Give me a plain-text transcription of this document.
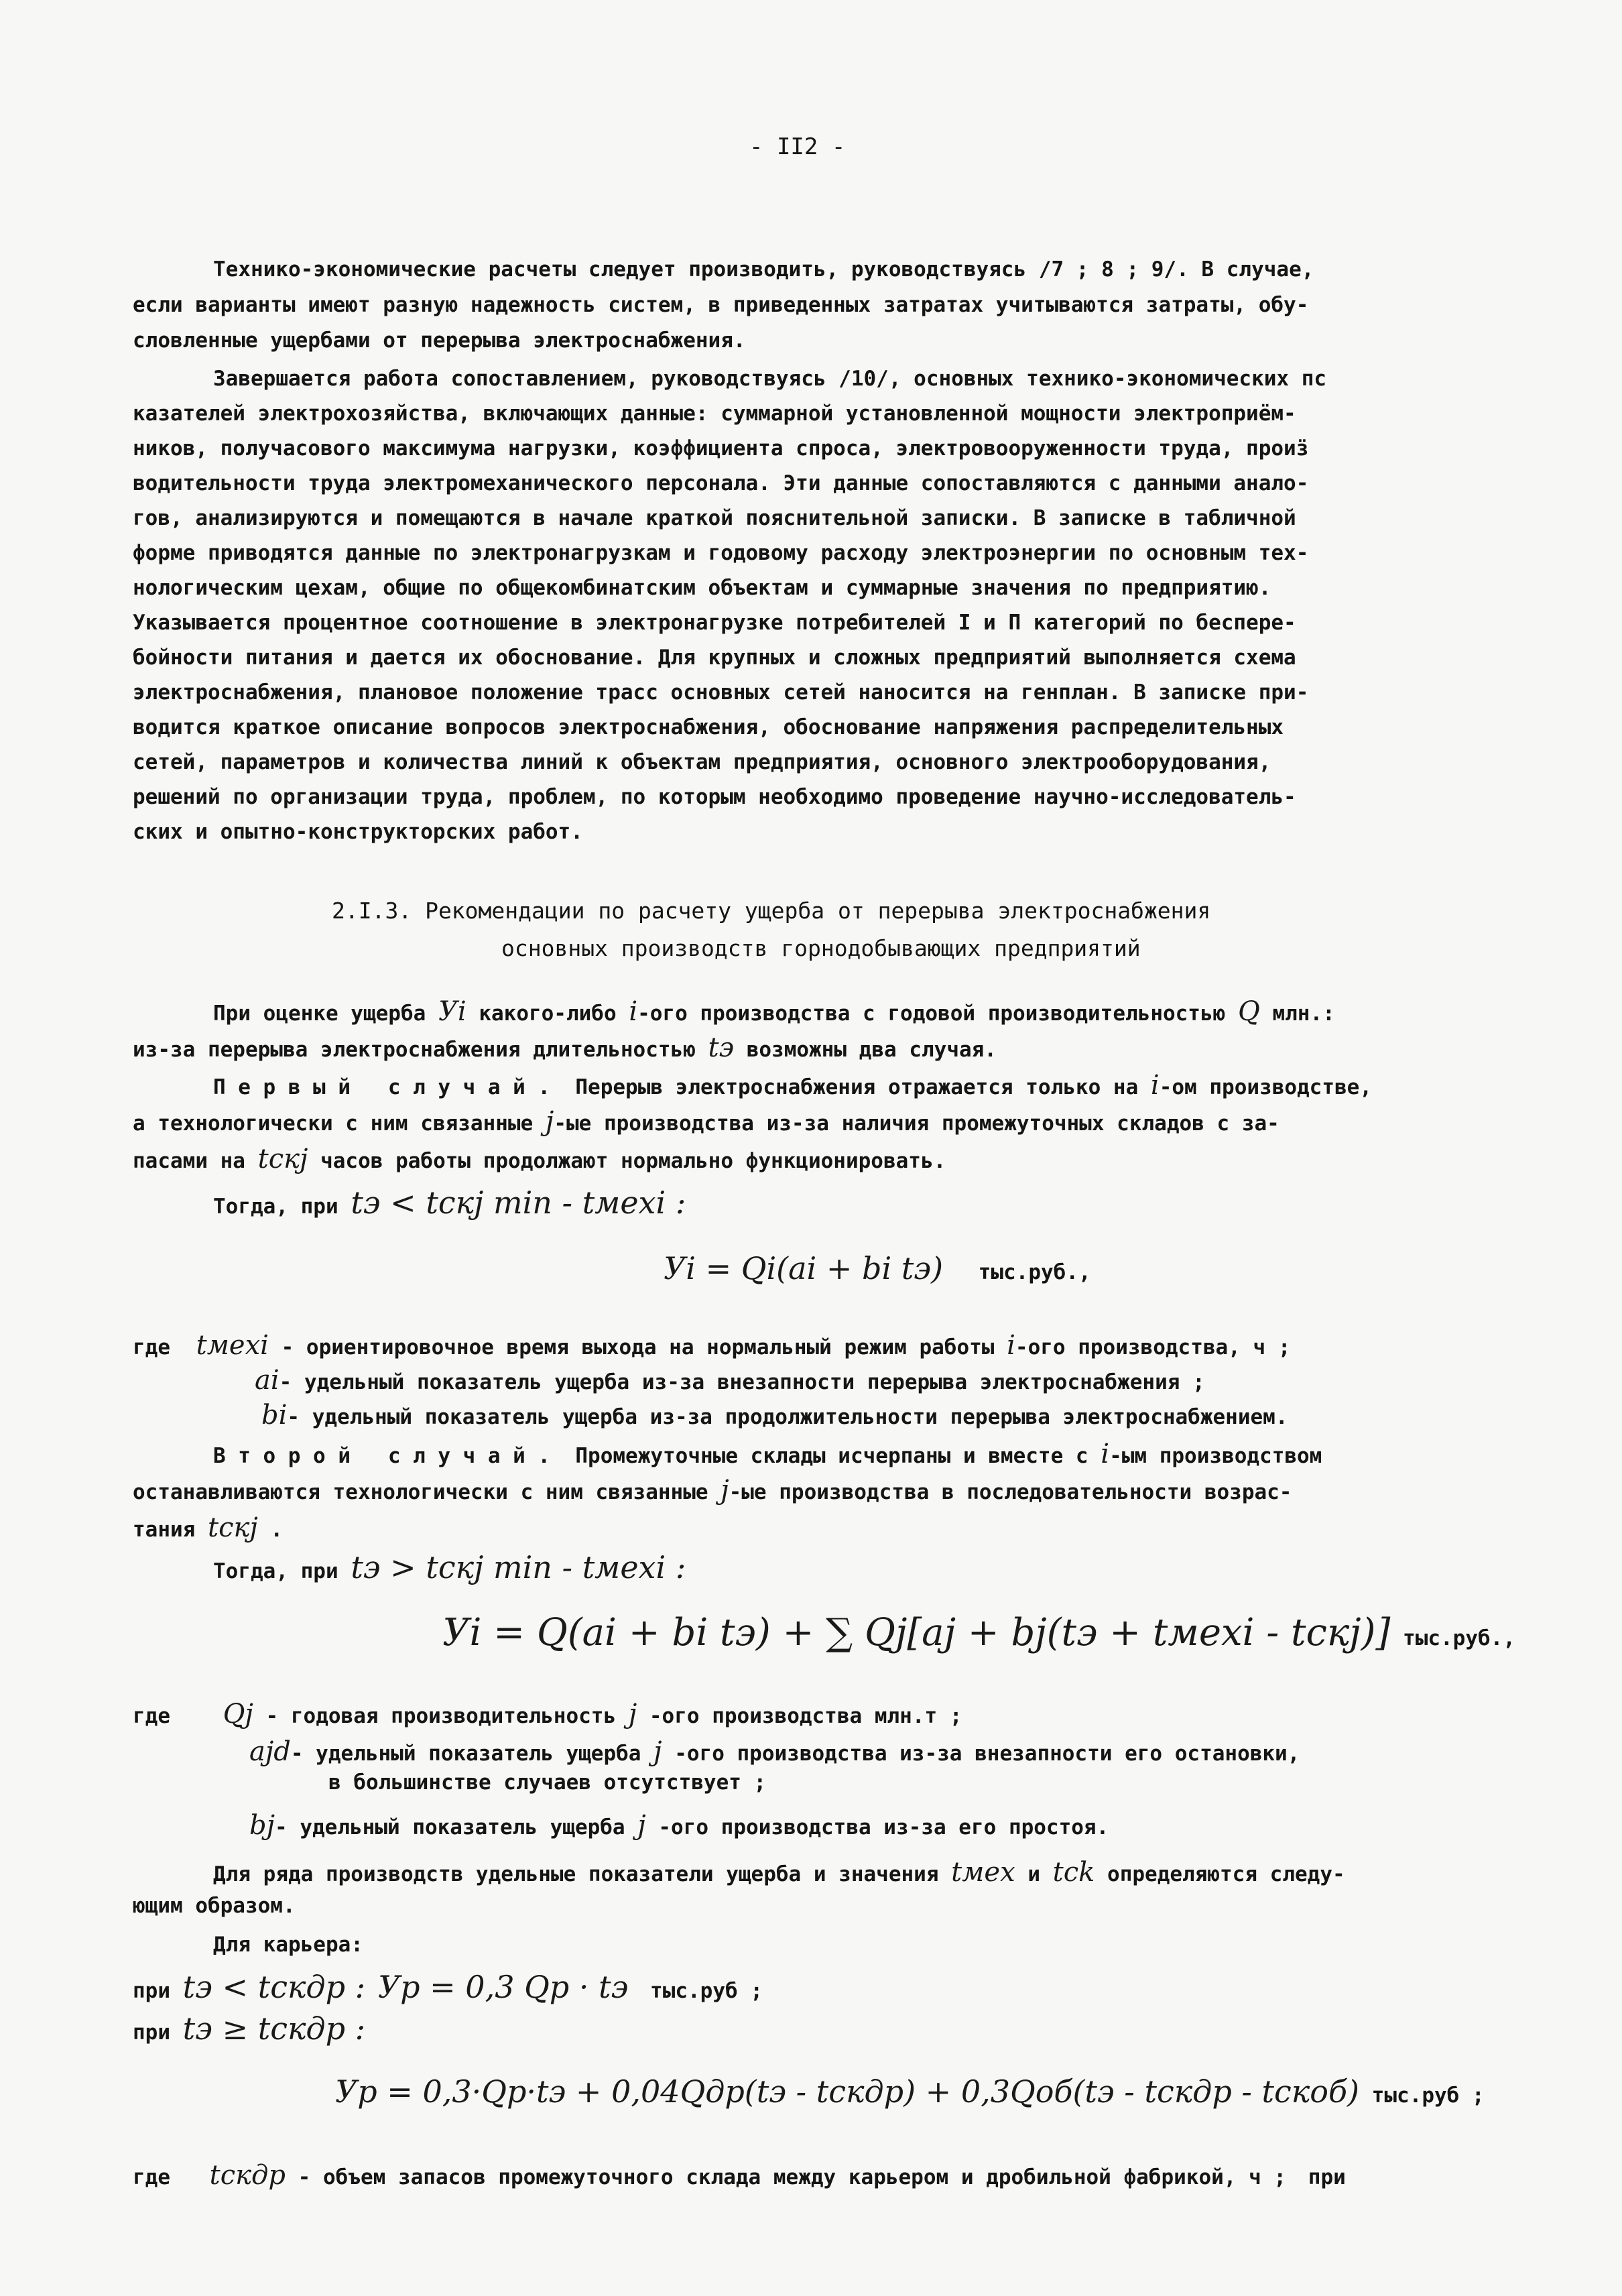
- II2 -
Технико-экономические расчеты следует производить, руководствуясь /7 ; 8 ; 9/. В случае,
если варианты имеют разную надежность систем, в приведенных затратах учитываются затраты, обу-
словленные ущербами от перерыва электроснабжения.
Завершается работа сопоставлением, руководствуясь /10/, основных технико-экономических пс
казателей электрохозяйства, включающих данные: суммарной установленной мощности электроприём-
ников, получасового максимума нагрузки, коэффициента спроса, электровооруженности труда, проиӟ
водительности труда электромеханического персонала. Эти данные сопоставляются с данными анало-
гов, анализируются и помещаются в начале краткой пояснительной записки. В записке в табличной
форме приводятся данные по электронагрузкам и годовому расходу электроэнергии по основным тех-
нологическим цехам, общие по общекомбинатским объектам и суммарные значения по предприятию.
Указывается процентное соотношение в электронагрузке потребителей I и П категорий по беспере-
бойности питания и дается их обоснование. Для крупных и сложных предприятий выполняется схема
электроснабжения, плановое положение трасс основных сетей наносится на генплан. В записке при-
водится краткое описание вопросов электроснабжения, обоснование напряжения распределительных
сетей, параметров и количества линий к объектам предприятия, основного электрооборудования,
решений по организации труда, проблем, по которым необходимо проведение научно-исследователь-
ских и опытно-конструкторских работ.
2.I.3. Рекомендации по расчету ущерба от перерыва электроснабжения
основных производств горнодобывающих предприятий
При оценке ущерба Уi какого-либо i-ого производства с годовой производительностью Q млн.:
из-за перерыва электроснабжения длительностью tэ возможны два случая.
Первый случай. Перерыв электроснабжения отражается только на i-ом производстве,
а технологически с ним связанные j-ые производства из-за наличия промежуточных складов с за-
пасами на tскj часов работы продолжают нормально функционировать.
Тогда, при tэ < tскj min - tмехi :
Уi = Qi(ai + bi tэ) тыс.руб.,
где tмехi - ориентировочное время выхода на нормальный режим работы i-ого производства, ч ;
ai- удельный показатель ущерба из-за внезапности перерыва электроснабжения ;
bi- удельный показатель ущерба из-за продолжительности перерыва электроснабжением.
Второй случай. Промежуточные склады исчерпаны и вместе с i-ым производством
останавливаются технологически с ним связанные j-ые производства в последовательности возрас-
тания tскj .
Тогда, при tэ > tскj min - tмехi :
Уi = Q(ai + bi tэ) + ∑ Qj[aj + bj(tэ + tмехi - tскj)] тыс.руб.,
где Qj - годовая производительность j -ого производства млн.т ;
ajd- удельный показатель ущерба j -ого производства из-за внезапности его остановки,
в большинстве случаев отсутствует ;
bj- удельный показатель ущерба j -ого производства из-за его простоя.
Для ряда производств удельные показатели ущерба и значения tмех и tck определяются следу-
ющим образом.
Для карьера:
при tэ < tскдр : Ур = 0,3 Qр · tэ тыс.руб ;
при tэ ≥ tскдр :
Ур = 0,3·Qр·tэ + 0,04Qдр(tэ - tскдр) + 0,3Qоб(tэ - tскдр - tскоб) тыс.руб ;
где tскдр - объем запасов промежуточного склада между карьером и дробильной фабрикой, ч ; при
